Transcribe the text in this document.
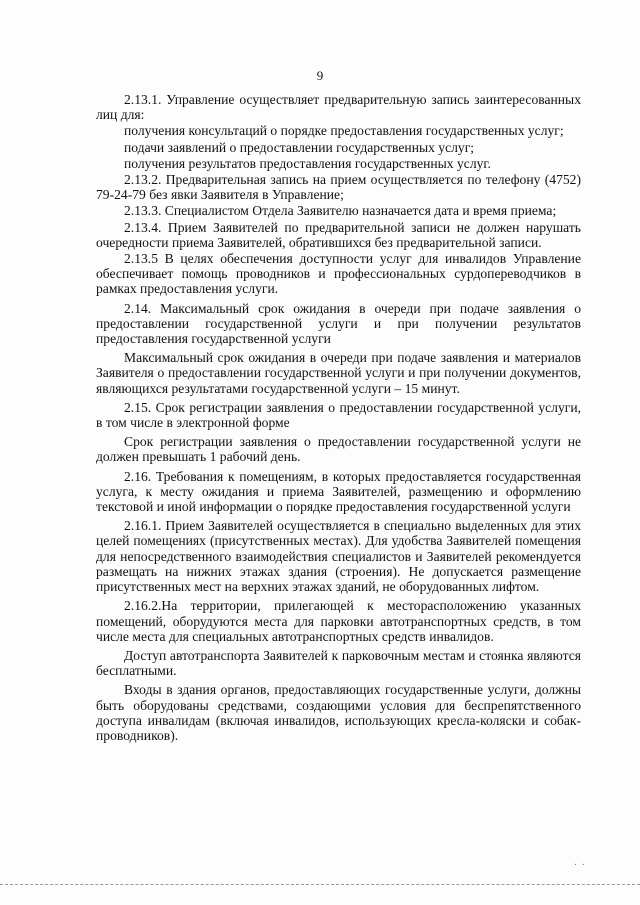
9

2.13.1. Управление осуществляет предварительную запись заинтересованных лиц для:

получения консультаций о порядке предоставления государственных услуг;

подачи заявлений о предоставлении государственных услуг;

получения результатов предоставления государственных услуг.

2.13.2. Предварительная запись на прием осуществляется по телефону (4752) 79-24-79 без явки Заявителя в Управление;

2.13.3. Специалистом Отдела Заявителю назначается дата и время приема;

2.13.4. Прием Заявителей по предварительной записи не должен нарушать очередности приема Заявителей, обратившихся без предварительной записи.

2.13.5 В целях обеспечения доступности услуг для инвалидов Управление обеспечивает помощь проводников и профессиональных сурдопереводчиков в рамках предоставления услуги.

2.14. Максимальный срок ожидания в очереди при подаче заявления о предоставлении государственной услуги и при получении результатов предоставления государственной услуги

Максимальный срок ожидания в очереди при подаче заявления и материалов Заявителя о предоставлении государственной услуги и при получении документов, являющихся результатами государственной услуги – 15 минут.

2.15. Срок регистрации заявления о предоставлении государственной услуги, в том числе в электронной форме

Срок регистрации заявления о предоставлении государственной услуги не должен превышать 1 рабочий день.

2.16. Требования к помещениям, в которых предоставляется государственная услуга, к месту ожидания и приема Заявителей, размещению и оформлению текстовой и иной информации о порядке предоставления государственной услуги

2.16.1. Прием Заявителей осуществляется в специально выделенных для этих целей помещениях (присутственных местах). Для удобства Заявителей помещения для непосредственного взаимодействия специалистов и Заявителей рекомендуется размещать на нижних этажах здания (строения). Не допускается размещение присутственных мест на верхних этажах зданий, не оборудованных лифтом.

2.16.2.На территории, прилегающей к месторасположению указанных помещений, оборудуются места для парковки автотранспортных средств, в том числе места для специальных автотранспортных средств инвалидов.

Доступ автотранспорта Заявителей к парковочным местам и стоянка являются бесплатными.

Входы в здания органов, предоставляющих государственные услуги, должны быть оборудованы средствами, создающими условия для беспрепятственного доступа инвалидам (включая инвалидов, использующих кресла-коляски и собак-проводников).

· ·
